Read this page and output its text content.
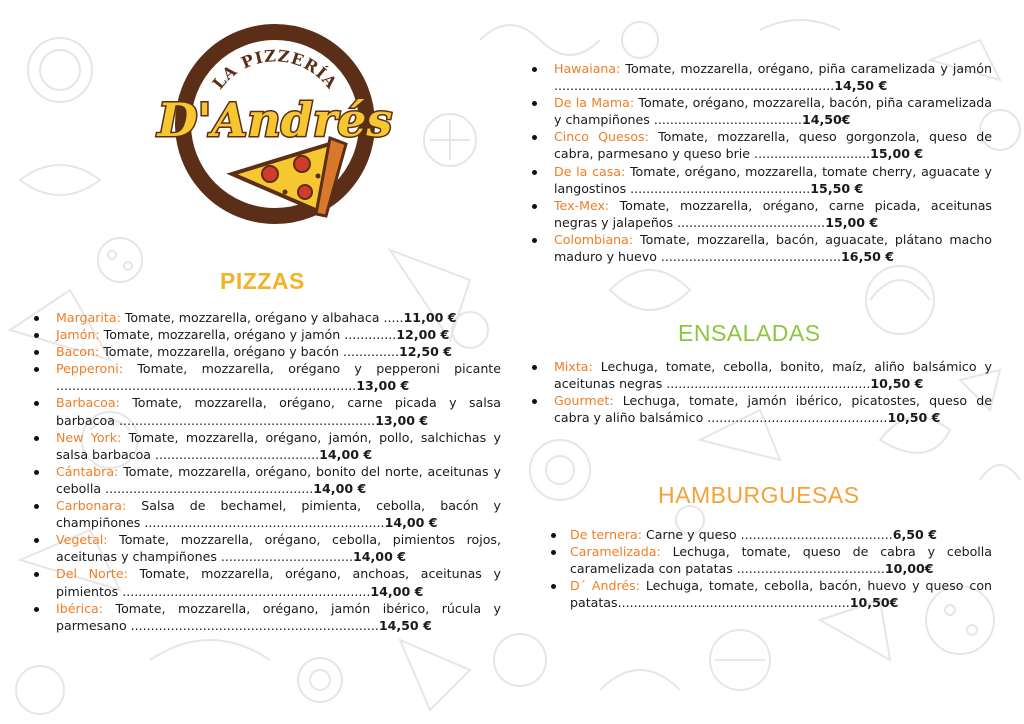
LA PIZZERÍA
D'Andrés
PIZZAS
Margarita: Tomate, mozzarella, orégano y albahaca .....11,00 €
Jamón: Tomate, mozzarella, orégano y jamón .............12,00 €
Bacon: Tomate, mozzarella, orégano y bacón ..............12,50 €
Pepperoni: Tomate, mozzarella, orégano y pepperoni picante ...........................................................................13,00 €
Barbacoa: Tomate, mozzarella, orégano, carne picada y salsa barbacoa ................................................................13,00 €
New York: Tomate, mozzarella, orégano, jamón, pollo, salchichas y salsa barbacoa .........................................14,00 €
Cántabra: Tomate, mozzarella, orégano, bonito del norte, aceitunas y cebolla ....................................................14,00 €
Carbonara: Salsa de bechamel, pimienta, cebolla, bacón y champiñones ............................................................14,00 €
Vegetal: Tomate, mozzarella, orégano, cebolla, pimientos rojos, aceitunas y champiñones .................................14,00 €
Del Norte: Tomate, mozzarella, orégano, anchoas, aceitunas y pimientos ..............................................................14,00 €
Ibérica: Tomate, mozzarella, orégano, jamón ibérico, rúcula y parmesano ..............................................................14,50 €
Hawaiana: Tomate, mozzarella, orégano, piña caramelizada y jamón ......................................................................14,50 €
De la Mama: Tomate, orégano, mozzarella, bacón, piña caramelizada y champiñones .....................................14,50€
Cinco Quesos: Tomate, mozzarella, queso gorgonzola, queso de cabra, parmesano y queso brie .............................15,00 €
De la casa: Tomate, orégano, mozzarella, tomate cherry, aguacate y langostinos .............................................15,50 €
Tex-Mex: Tomate, mozzarella, orégano, carne picada, aceitunas negras y jalapeños .....................................15,00 €
Colombiana: Tomate, mozzarella, bacón, aguacate, plátano macho maduro y huevo .............................................16,50 €
ENSALADAS
Mixta: Lechuga, tomate, cebolla, bonito, maíz, aliño balsámico y aceitunas negras ...................................................10,50 €
Gourmet: Lechuga, tomate, jamón ibérico, picatostes, queso de cabra y aliño balsámico .............................................10,50 €
HAMBURGUESAS
De ternera: Carne y queso ......................................6,50 €
Caramelizada: Lechuga, tomate, queso de cabra y cebolla caramelizada con patatas .....................................10,00€
D´ Andrés: Lechuga, tomate, cebolla, bacón, huevo y queso con patatas..........................................................10,50€
